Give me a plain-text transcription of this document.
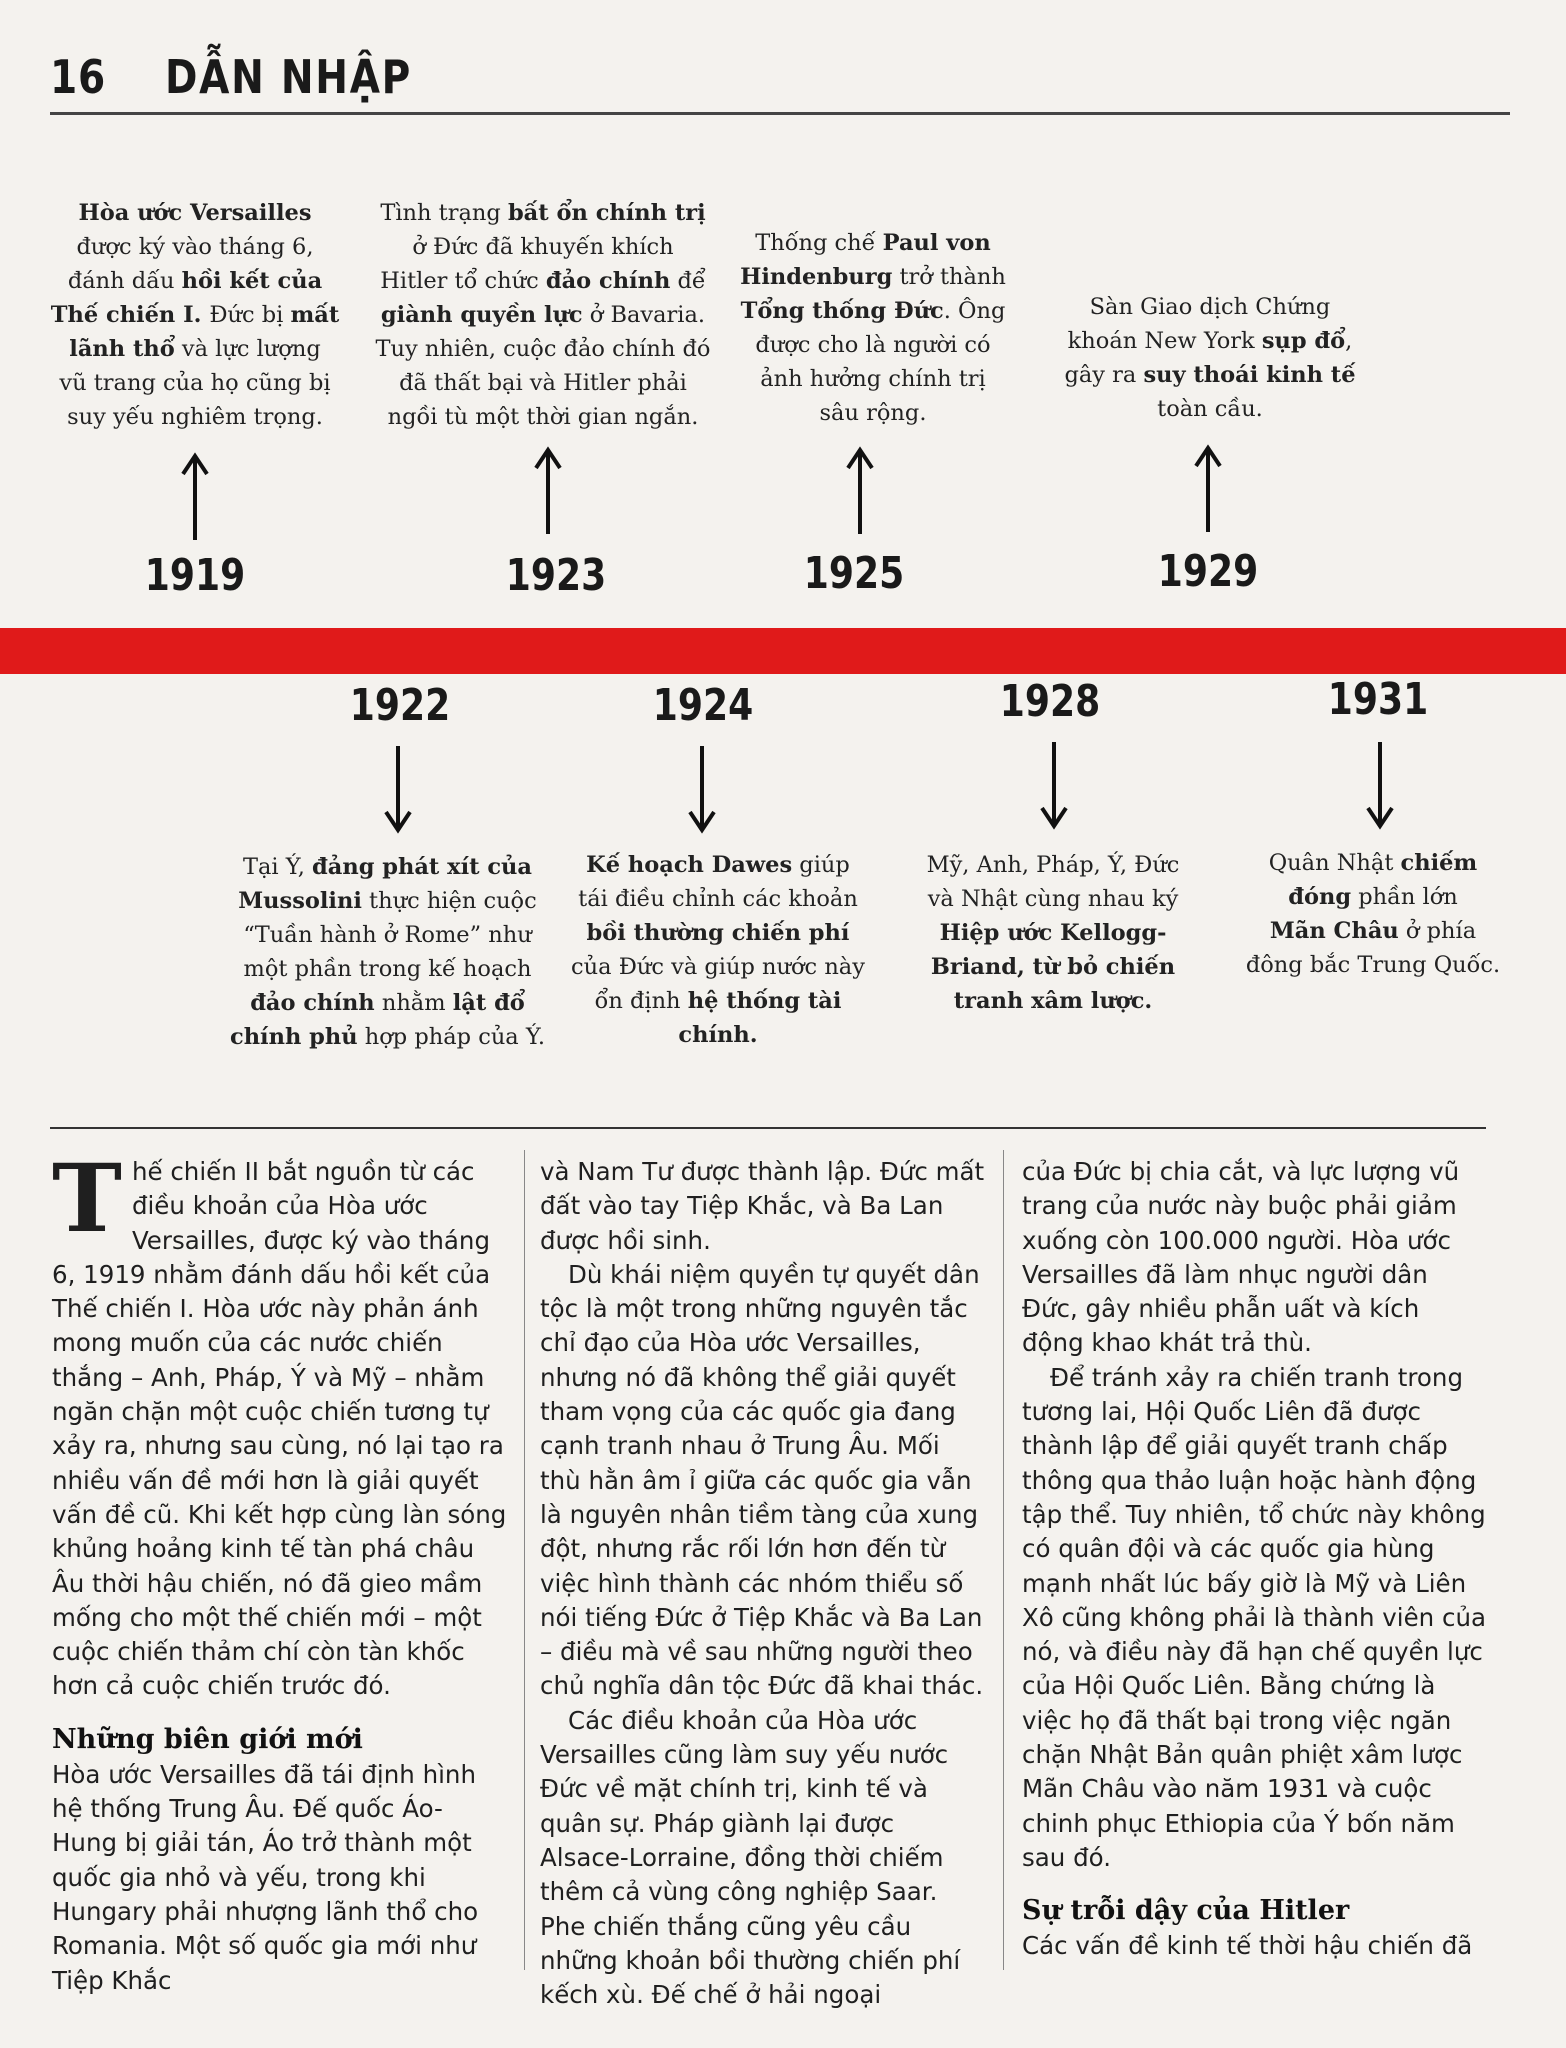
16 DẪN NHẬP
Hòa ước Versailles
được ký vào tháng 6,
đánh dấu hồi kết của
Thế chiến I. Đức bị mất
lãnh thổ và lực lượng
vũ trang của họ cũng bị
suy yếu nghiêm trọng.
Tình trạng bất ổn chính trị
ở Đức đã khuyến khích
Hitler tổ chức đảo chính để
giành quyền lực ở Bavaria.
Tuy nhiên, cuộc đảo chính đó
đã thất bại và Hitler phải
ngồi tù một thời gian ngắn.
Thống chế Paul von
Hindenburg trở thành
Tổng thống Đức. Ông
được cho là người có
ảnh hưởng chính trị
sâu rộng.
Sàn Giao dịch Chứng
khoán New York sụp đổ,
gây ra suy thoái kinh tế
toàn cầu.
1919	1923	1925	1929
1922	1924	1928	1931
Tại Ý, đảng phát xít của
Mussolini thực hiện cuộc
“Tuần hành ở Rome” như
một phần trong kế hoạch
đảo chính nhằm lật đổ
chính phủ hợp pháp của Ý.
Kế hoạch Dawes giúp
tái điều chỉnh các khoản
bồi thường chiến phí
của Đức và giúp nước này
ổn định hệ thống tài chính.
Mỹ, Anh, Pháp, Ý, Đức
và Nhật cùng nhau ký
Hiệp ước Kellogg-
Briand, từ bỏ chiến
tranh xâm lược.
Quân Nhật chiếm
đóng phần lớn
Mãn Châu ở phía
đông bắc Trung Quốc.

Thế chiến II bắt nguồn từ các điều khoản của Hòa ước Versailles, được ký vào tháng 6, 1919 nhằm đánh dấu hồi kết của Thế chiến I. Hòa ước này phản ánh mong muốn của các nước chiến thắng – Anh, Pháp, Ý và Mỹ – nhằm ngăn chặn một cuộc chiến tương tự xảy ra, nhưng sau cùng, nó lại tạo ra nhiều vấn đề mới hơn là giải quyết vấn đề cũ. Khi kết hợp cùng làn sóng khủng hoảng kinh tế tàn phá châu Âu thời hậu chiến, nó đã gieo mầm mống cho một thế chiến mới – một cuộc chiến thảm chí còn tàn khốc hơn cả cuộc chiến trước đó.

Những biên giới mới

Hòa ước Versailles đã tái định hình hệ thống Trung Âu. Đế quốc Áo-Hung bị giải tán, Áo trở thành một quốc gia nhỏ và yếu, trong khi Hungary phải nhượng lãnh thổ cho Romania. Một số quốc gia mới như Tiệp Khắc

và Nam Tư được thành lập. Đức mất đất vào tay Tiệp Khắc, và Ba Lan được hồi sinh.

Dù khái niệm quyền tự quyết dân tộc là một trong những nguyên tắc chỉ đạo của Hòa ước Versailles, nhưng nó đã không thể giải quyết tham vọng của các quốc gia đang cạnh tranh nhau ở Trung Âu. Mối thù hằn âm ỉ giữa các quốc gia vẫn là nguyên nhân tiềm tàng của xung đột, nhưng rắc rối lớn hơn đến từ việc hình thành các nhóm thiểu số nói tiếng Đức ở Tiệp Khắc và Ba Lan – điều mà về sau những người theo chủ nghĩa dân tộc Đức đã khai thác.

Các điều khoản của Hòa ước Versailles cũng làm suy yếu nước Đức về mặt chính trị, kinh tế và quân sự. Pháp giành lại được Alsace-Lorraine, đồng thời chiếm thêm cả vùng công nghiệp Saar. Phe chiến thắng cũng yêu cầu những khoản bồi thường chiến phí kếch xù. Đế chế ở hải ngoại

của Đức bị chia cắt, và lực lượng vũ trang của nước này buộc phải giảm xuống còn 100.000 người. Hòa ước Versailles đã làm nhục người dân Đức, gây nhiều phẫn uất và kích động khao khát trả thù.

Để tránh xảy ra chiến tranh trong tương lai, Hội Quốc Liên đã được thành lập để giải quyết tranh chấp thông qua thảo luận hoặc hành động tập thể. Tuy nhiên, tổ chức này không có quân đội và các quốc gia hùng mạnh nhất lúc bấy giờ là Mỹ và Liên Xô cũng không phải là thành viên của nó, và điều này đã hạn chế quyền lực của Hội Quốc Liên. Bằng chứng là việc họ đã thất bại trong việc ngăn chặn Nhật Bản quân phiệt xâm lược Mãn Châu vào năm 1931 và cuộc chinh phục Ethiopia của Ý bốn năm sau đó.

Sự trỗi dậy của Hitler

Các vấn đề kinh tế thời hậu chiến đã
